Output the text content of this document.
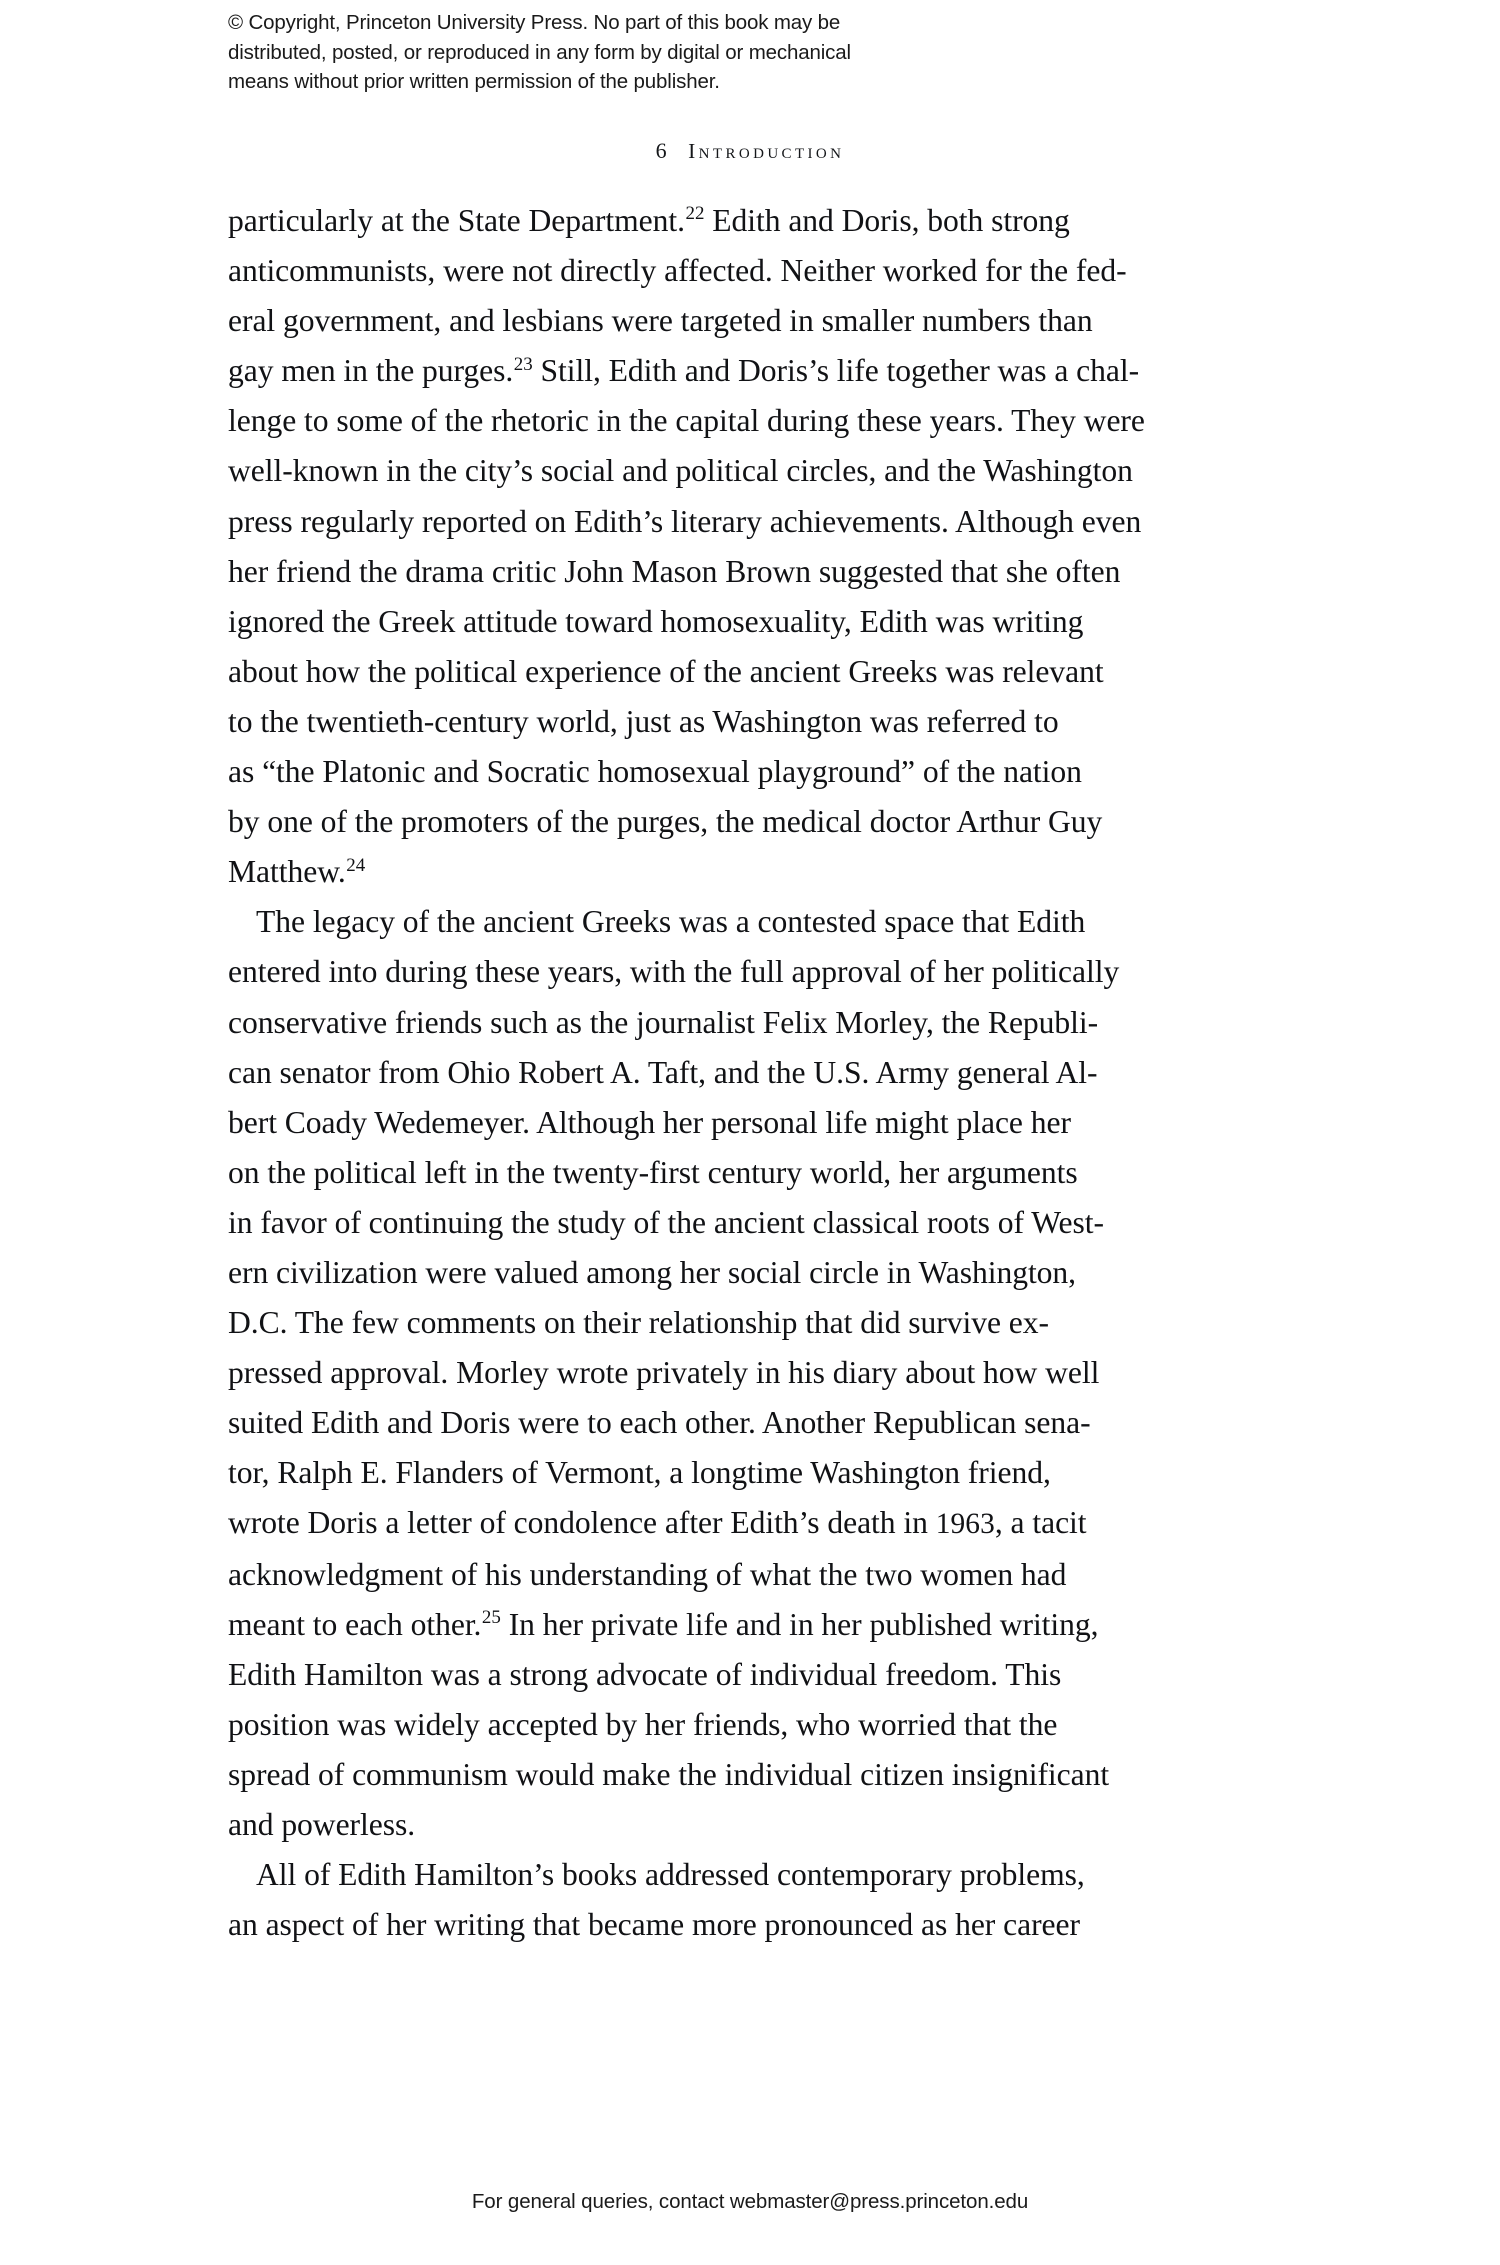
© Copyright, Princeton University Press. No part of this book may be
distributed, posted, or reproduced in any form by digital or mechanical
means without prior written permission of the publisher.
6 Introduction
particularly at the State Department.$^{22}$ Edith and Doris, both strong
anticommunists, were not directly affected. Neither worked for the fed-
eral government, and lesbians were targeted in smaller numbers than
gay men in the purges.$^{23}$ Still, Edith and Doris’s life together was a chal-
lenge to some of the rhetoric in the capital during these years. They were
well-known in the city’s social and political circles, and the Washington
press regularly reported on Edith’s literary achievements. Although even
her friend the drama critic John Mason Brown suggested that she often
ignored the Greek attitude toward homosexuality, Edith was writing
about how the political experience of the ancient Greeks was relevant
to the twentieth-century world, just as Washington was referred to
as “the Platonic and Socratic homosexual playground” of the nation
by one of the promoters of the purges, the medical doctor Arthur Guy
Matthew.$^{24}$
The legacy of the ancient Greeks was a contested space that Edith
entered into during these years, with the full approval of her politically
conservative friends such as the journalist Felix Morley, the Republi-
can senator from Ohio Robert A. Taft, and the U.S. Army general Al-
bert Coady Wedemeyer. Although her personal life might place her
on the political left in the twenty-first century world, her arguments
in favor of continuing the study of the ancient classical roots of West-
ern civilization were valued among her social circle in Washington,
D.C. The few comments on their relationship that did survive ex-
pressed approval. Morley wrote privately in his diary about how well
suited Edith and Doris were to each other. Another Republican sena-
tor, Ralph E. Flanders of Vermont, a longtime Washington friend,
wrote Doris a letter of condolence after Edith’s death in 1963, a tacit
acknowledgment of his understanding of what the two women had
meant to each other.$^{25}$ In her private life and in her published writing,
Edith Hamilton was a strong advocate of individual freedom. This
position was widely accepted by her friends, who worried that the
spread of communism would make the individual citizen insignificant
and powerless.
All of Edith Hamilton’s books addressed contemporary problems,
an aspect of her writing that became more pronounced as her career
For general queries, contact webmaster@press.princeton.edu
